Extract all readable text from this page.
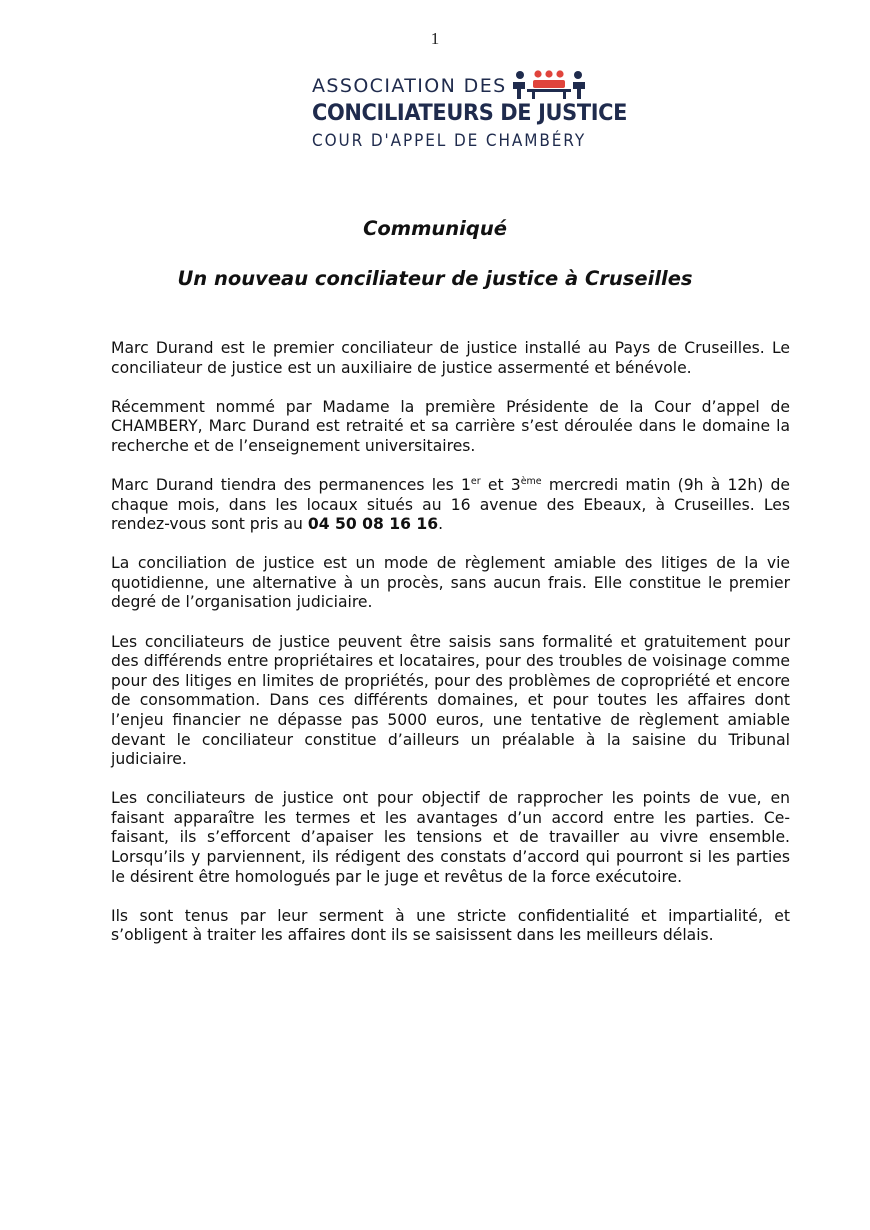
1
ASSOCIATION DES
CONCILIATEURS DE JUSTICE
COUR D'APPEL DE CHAMBÉRY
Communiqué
Un nouveau conciliateur de justice à Cruseilles

Marc Durand est le premier conciliateur de justice installé au Pays de Cruseilles. Le conciliateur de justice est un auxiliaire de justice assermenté et bénévole.

Récemment nommé par Madame la première Présidente de la Cour d’appel de CHAMBERY, Marc Durand est retraité et sa carrière s’est déroulée dans le domaine la recherche et de l’enseignement universitaires.

Marc Durand tiendra des permanences les 1er et 3ème mercredi matin (9h à 12h) de chaque mois, dans les locaux situés au 16 avenue des Ebeaux, à Cruseilles. Les rendez-vous sont pris au 04 50 08 16 16.

La conciliation de justice est un mode de règlement amiable des litiges de la vie quotidienne, une alternative à un procès, sans aucun frais. Elle constitue le premier degré de l’organisation judiciaire.

Les conciliateurs de justice peuvent être saisis sans formalité et gratuitement pour des différends entre propriétaires et locataires, pour des troubles de voisinage comme pour des litiges en limites de propriétés, pour des problèmes de copropriété et encore de consommation. Dans ces différents domaines, et pour toutes les affaires dont l’enjeu financier ne dépasse pas 5000 euros, une tentative de règlement amiable devant le conciliateur constitue d’ailleurs un préalable à la saisine du Tribunal judiciaire.

Les conciliateurs de justice ont pour objectif de rapprocher les points de vue, en faisant apparaître les termes et les avantages d’un accord entre les parties. Ce-faisant, ils s’efforcent d’apaiser les tensions et de travailler au vivre ensemble. Lorsqu’ils y parviennent, ils rédigent des constats d’accord qui pourront si les parties le désirent être homologués par le juge et revêtus de la force exécutoire.

Ils sont tenus par leur serment à une stricte confidentialité et impartialité, et s’obligent à traiter les affaires dont ils se saisissent dans les meilleurs délais.
